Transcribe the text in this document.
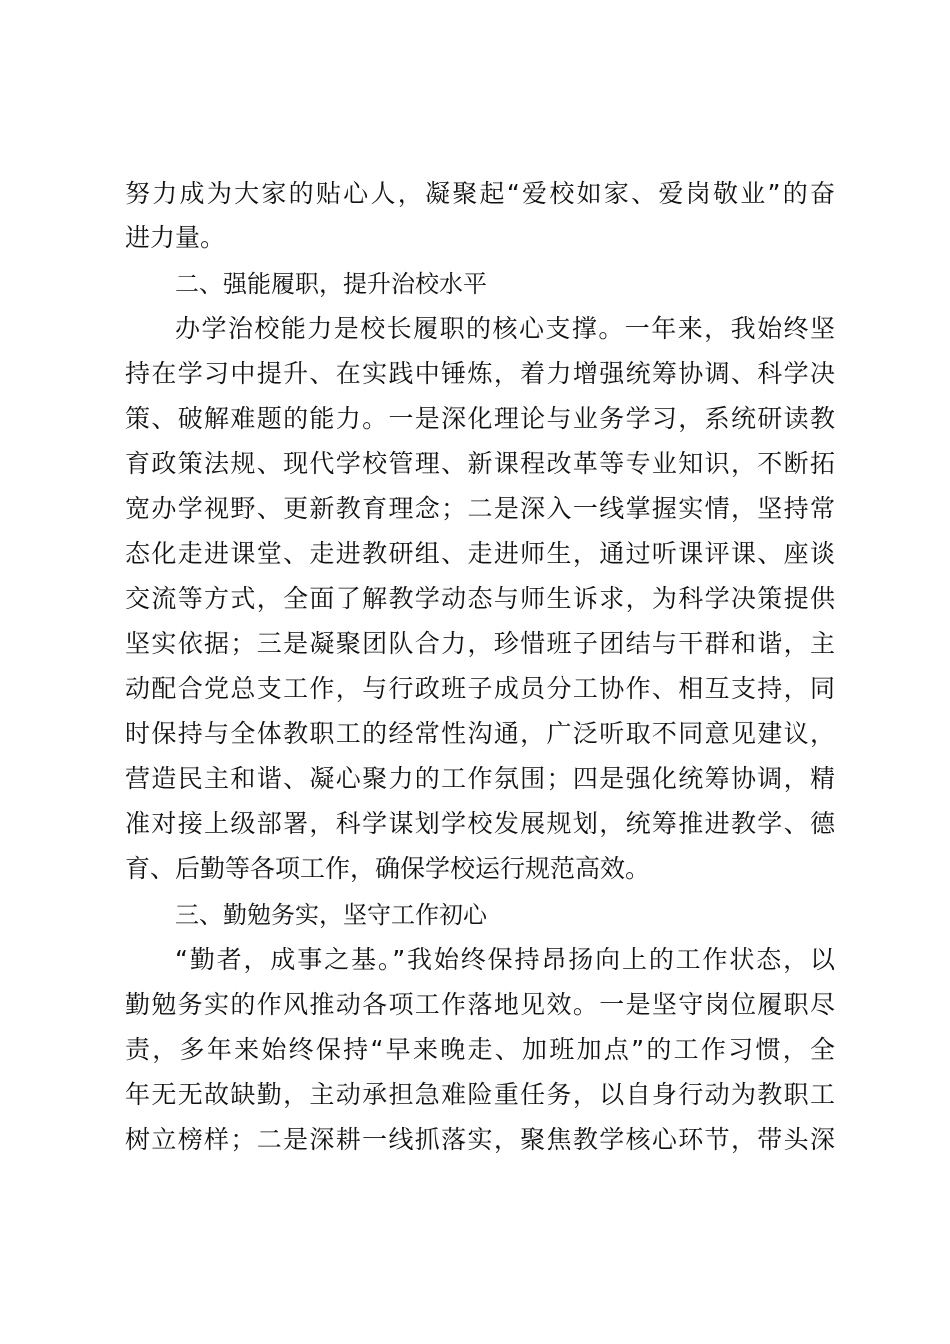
努力成为大家的贴心人，凝聚起“爱校如家、爱岗敬业”的奋
进力量。
二、强能履职，提升治校水平
办学治校能力是校长履职的核心支撑。一年来，我始终坚
持在学习中提升、在实践中锤炼，着力增强统筹协调、科学决
策、破解难题的能力。一是深化理论与业务学习，系统研读教
育政策法规、现代学校管理、新课程改革等专业知识，不断拓
宽办学视野、更新教育理念；二是深入一线掌握实情，坚持常
态化走进课堂、走进教研组、走进师生，通过听课评课、座谈
交流等方式，全面了解教学动态与师生诉求，为科学决策提供
坚实依据；三是凝聚团队合力，珍惜班子团结与干群和谐，主
动配合党总支工作，与行政班子成员分工协作、相互支持，同
时保持与全体教职工的经常性沟通，广泛听取不同意见建议，
营造民主和谐、凝心聚力的工作氛围；四是强化统筹协调，精
准对接上级部署，科学谋划学校发展规划，统筹推进教学、德
育、后勤等各项工作，确保学校运行规范高效。
三、勤勉务实，坚守工作初心
“勤者，成事之基。”我始终保持昂扬向上的工作状态，以
勤勉务实的作风推动各项工作落地见效。一是坚守岗位履职尽
责，多年来始终保持“早来晚走、加班加点”的工作习惯，全
年无无故缺勤，主动承担急难险重任务，以自身行动为教职工
树立榜样；二是深耕一线抓落实，聚焦教学核心环节，带头深
